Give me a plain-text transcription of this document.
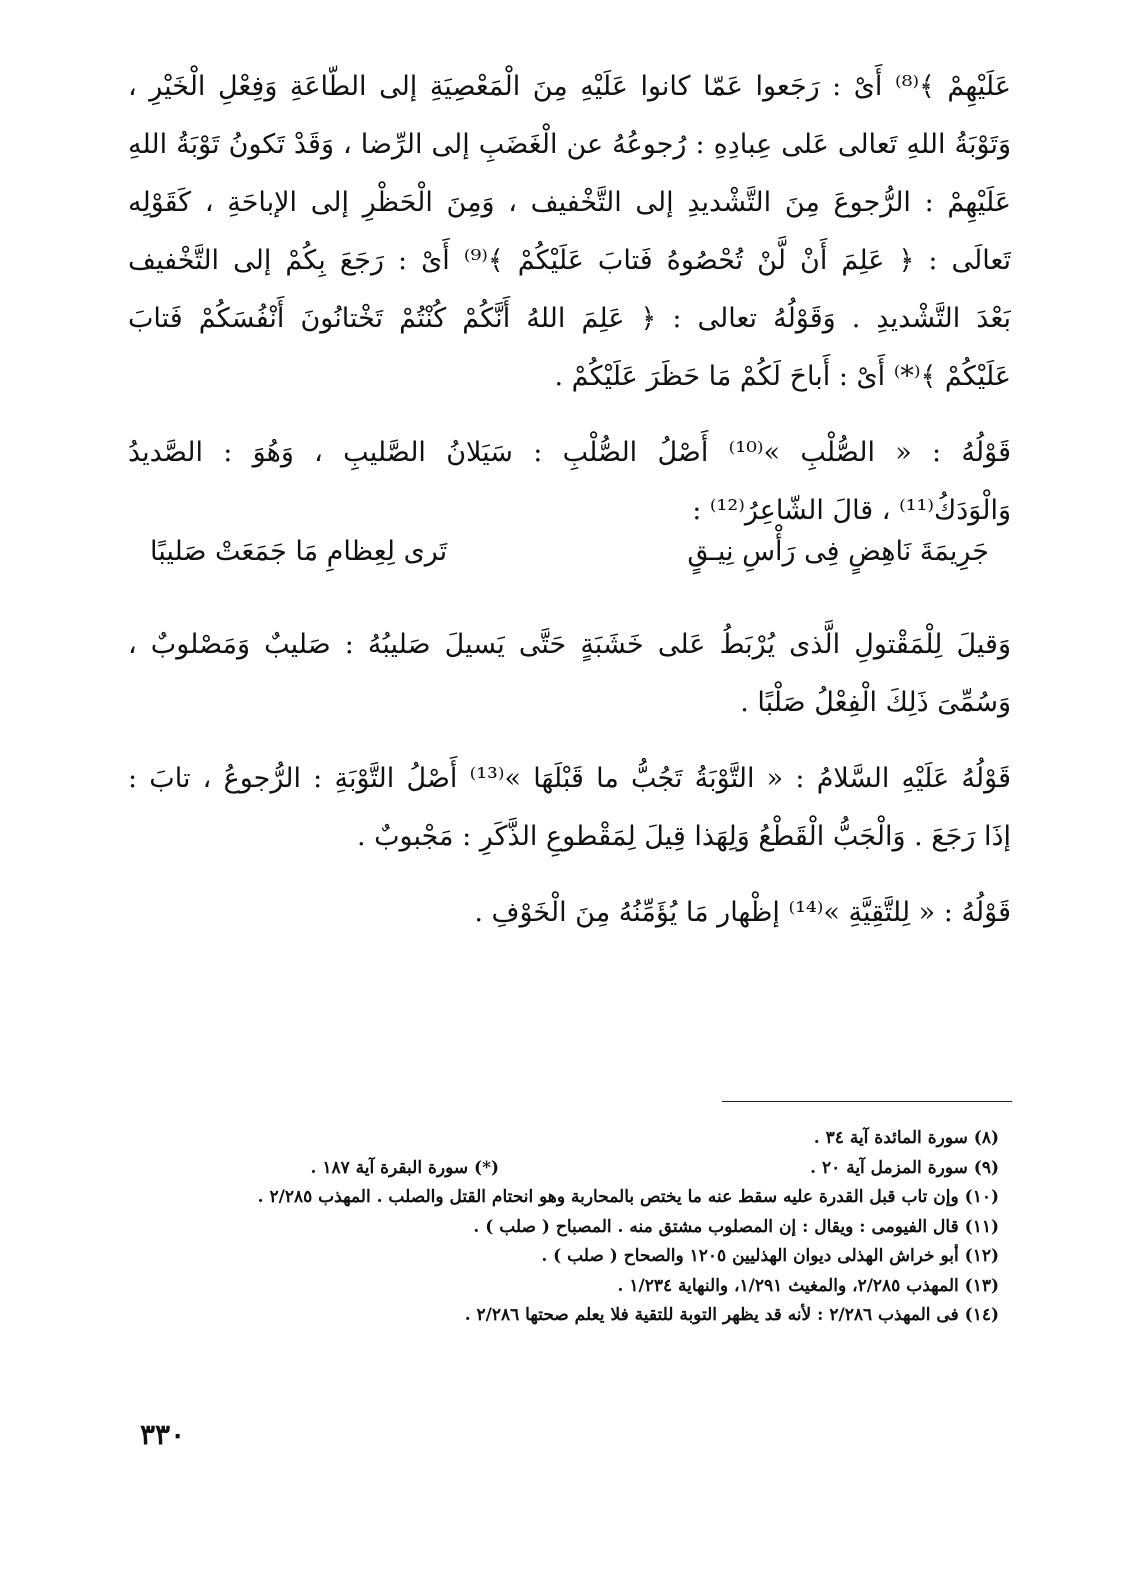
عَلَيْهِمْ ﴾⁽⁸⁾ أَىْ : رَجَعوا عَمّا كانوا عَلَيْهِ مِنَ الْمَعْصِيَةِ إلى الطّاعَةِ وَفِعْلِ الْخَيْرِ ،
وَتَوْبَةُ اللهِ تَعالى عَلى عِبادِهِ : رُجوعُهُ عن الْغَضَبِ إلى الرِّضا ، وَقَدْ تَكونُ تَوْبَةُ اللهِ
عَلَيْهِمْ : الرُّجوعَ مِنَ التَّشْديدِ إلى التَّخْفيف ، وَمِنَ الْحَظْرِ إلى الإباحَةِ ، كَقَوْلِه
تَعالَى : ﴿ عَلِمَ أَنْ لَّنْ تُحْصُوهُ فَتابَ عَلَيْكُمْ ﴾⁽⁹⁾ أَىْ : رَجَعَ بِكُمْ إلى التَّخْفيف
بَعْدَ التَّشْديدِ . وَقَوْلُهُ تعالى : ﴿ عَلِمَ اللهُ أَنَّكُمْ كُنْتُمْ تَخْتانُونَ أَنْفُسَكُمْ فَتابَ
عَلَيْكُمْ ﴾⁽*⁾ أَىْ : أَباحَ لَكُمْ مَا حَظَرَ عَلَيْكُمْ .
قَوْلُهُ : « الصُّلْبِ »⁽¹⁰⁾ أَصْلُ الصُّلْبِ : سَيَلانُ الصَّليبِ ، وَهُوَ : الصَّديدُ
وَالْوَدَكُ⁽¹¹⁾ ، قالَ الشّاعِرُ⁽¹²⁾ :
وَقيلَ لِلْمَقْتولِ الَّذى يُرْبَطُ عَلى خَشَبَةٍ حَتَّى يَسيلَ صَليبُهُ : صَليبٌ وَمَصْلوبٌ ،
وَسُمِّىَ ذَلِكَ الْفِعْلُ صَلْبًا .
قَوْلُهُ عَلَيْهِ السَّلامُ : « التَّوْبَةُ تَجُبُّ ما قَبْلَهَا »⁽¹³⁾ أَصْلُ التَّوْبَةِ : الرُّجوعُ ، تابَ :
إذَا رَجَعَ . وَالْجَبُّ الْقَطْعُ وَلِهَذا قِيلَ لِمَقْطوعِ الذَّكَرِ : مَجْبوبٌ .
قَوْلُهُ : « لِلتَّقِيَّةِ »⁽¹⁴⁾ إظْهار مَا يُؤَمِّنُهُ مِنَ الْخَوْفِ .
جَرِيمَةَ نَاهِضٍ فِى رَأْسِ نِيـقٍ
تَرى لِعِظامِ مَا جَمَعَتْ صَليبًا
(٨) سورة المائدة آية ٣٤ .
(٩) سورة المزمل آية ٢٠ .
(*) سورة البقرة آية ١٨٧ .
(١٠) وإن تاب قبل القدرة عليه سقط عنه ما يختص بالمحاربة وهو انحتام القتل والصلب . المهذب ٢/٢٨٥ .
(١١) قال الفيومى : ويقال : إن المصلوب مشتق منه . المصباح ( صلب ) .
(١٢) أبو خراش الهذلى ديوان الهذليين ١٢٠٥ والصحاح ( صلب ) .
(١٣) المهذب ٢/٢٨٥، والمغيث ١/٢٩١، والنهاية ١/٢٣٤ .
(١٤) فى المهذب ٢/٢٨٦ : لأنه قد يظهر التوبة للتقية فلا يعلم صحتها ٢/٢٨٦ .
٣٣٠
